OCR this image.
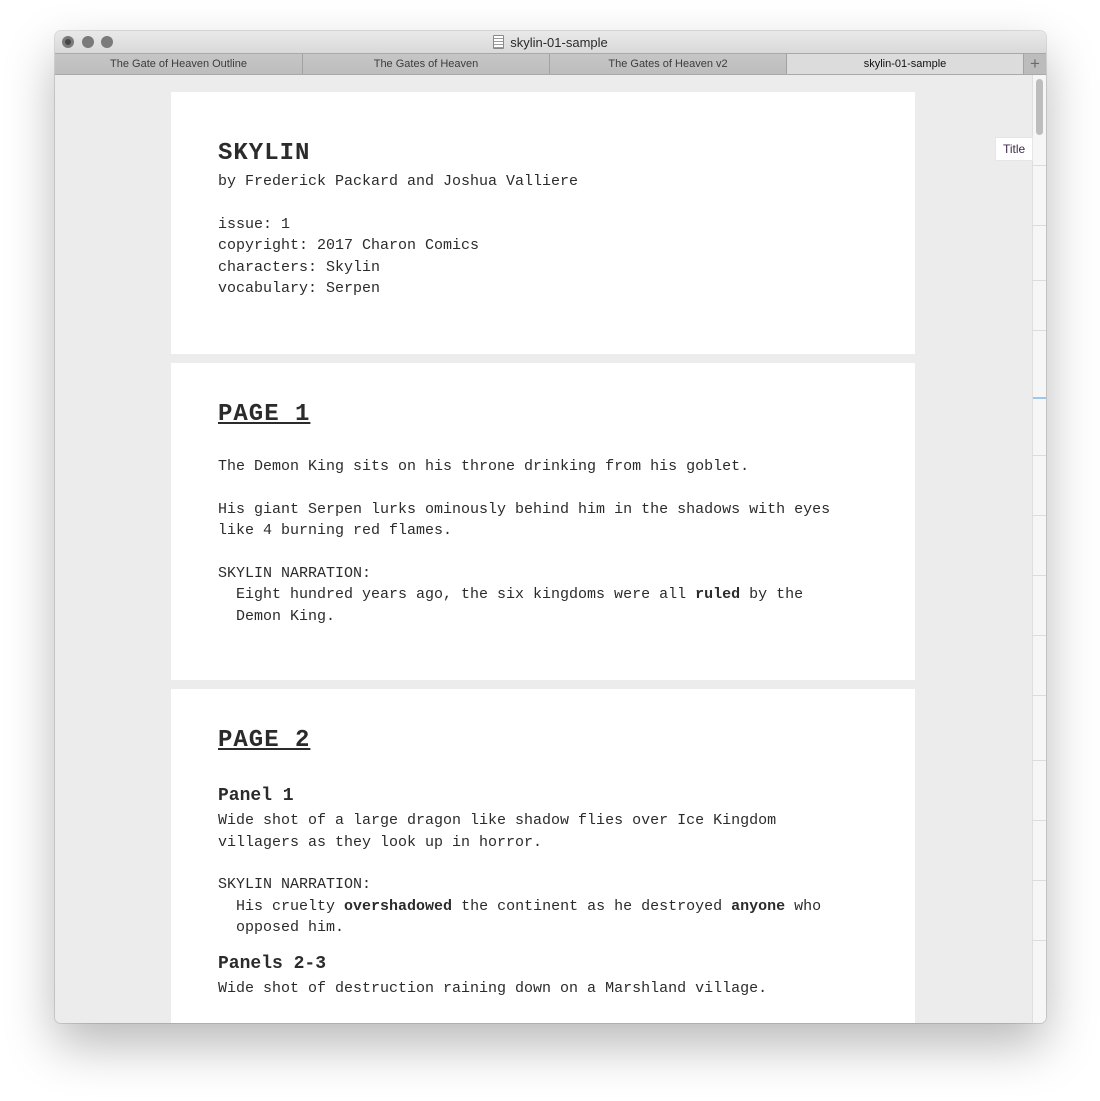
skylin-01-sample
The Gate of Heaven Outline	The Gates of Heaven	The Gates of Heaven v2	skylin-01-sample	+

SKYLIN

by Frederick Packard and Joshua Valliere

issue: 1

copyright: 2017 Charon Comics

characters: Skylin

vocabulary: Serpen

PAGE 1

The Demon King sits on his throne drinking from his goblet.

His giant Serpen lurks ominously behind him in the shadows with eyes

like 4 burning red flames.

SKYLIN NARRATION:

Eight hundred years ago, the six kingdoms were all ruled by the

Demon King.

PAGE 2

Panel 1

Wide shot of a large dragon like shadow flies over Ice Kingdom

villagers as they look up in horror.

SKYLIN NARRATION:

His cruelty overshadowed the continent as he destroyed anyone who

opposed him.

Panels 2-3

Wide shot of destruction raining down on a Marshland village.

Title
